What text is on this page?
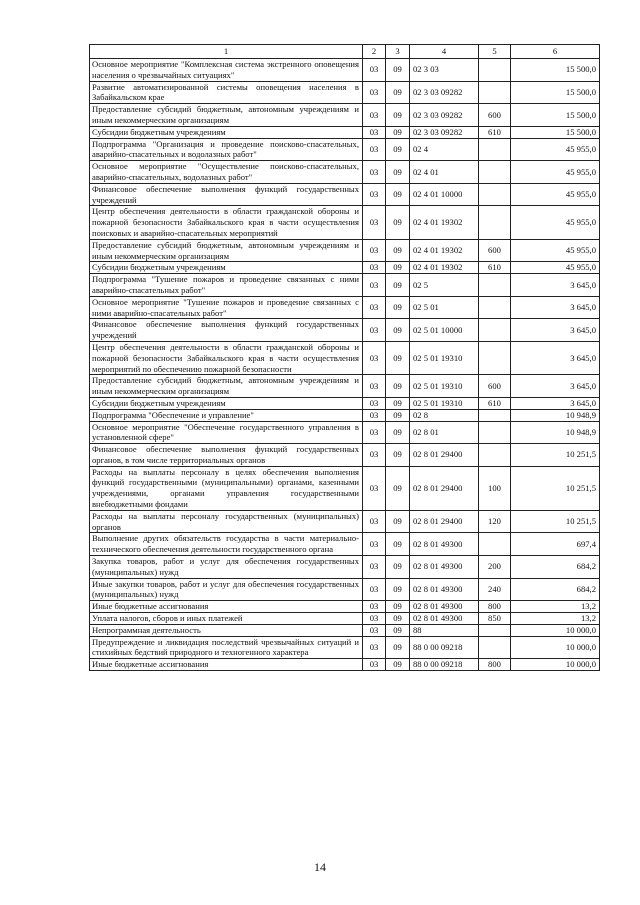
1	2	3	4	5	6
Основное мероприятие "Комплексная система экстренного оповещения населения о чрезвычайных ситуациях"	03	09	02 3 03		15 500,0
Развитие автоматизированной системы оповещения населения в Забайкальском крае	03	09	02 3 03 09282		15 500,0
Предоставление субсидий бюджетным, автономным учреждениям и иным некоммерческим организациям	03	09	02 3 03 09282	600	15 500,0
Субсидии бюджетным учреждениям	03	09	02 3 03 09282	610	15 500,0
Подпрограмма "Организация и проведение поисково-спасательных, аварийно-спасательных и водолазных работ"	03	09	02 4		45 955,0
Основное мероприятие "Осуществление поисково-спасательных, аварийно-спасательных, водолазных работ"	03	09	02 4 01		45 955,0
Финансовое обеспечение выполнения функций государственных учреждений	03	09	02 4 01 10000		45 955,0
Центр обеспечения деятельности в области гражданской обороны и пожарной безопасности Забайкальского края в части осуществления поисковых и аварийно-спасательных мероприятий	03	09	02 4 01 19302		45 955,0
Предоставление субсидий бюджетным, автономным учреждениям и иным некоммерческим организациям	03	09	02 4 01 19302	600	45 955,0
Субсидии бюджетным учреждениям	03	09	02 4 01 19302	610	45 955,0
Подпрограмма "Тушение пожаров и проведение связанных с ними аварийно-спасательных работ"	03	09	02 5		3 645,0
Основное мероприятие "Тушение пожаров и проведение связанных с ними аварийно-спасательных работ"	03	09	02 5 01		3 645,0
Финансовое обеспечение выполнения функций государственных учреждений	03	09	02 5 01 10000		3 645,0
Центр обеспечения деятельности в области гражданской обороны и пожарной безопасности Забайкальского края в части осуществления мероприятий по обеспечению пожарной безопасности	03	09	02 5 01 19310		3 645,0
Предоставление субсидий бюджетным, автономным учреждениям и иным некоммерческим организациям	03	09	02 5 01 19310	600	3 645,0
Субсидии бюджетным учреждениям	03	09	02 5 01 19310	610	3 645,0
Подпрограмма "Обеспечение и управление"	03	09	02 8		10 948,9
Основное мероприятие "Обеспечение государственного управления в установленной сфере"	03	09	02 8 01		10 948,9
Финансовое обеспечение выполнения функций государственных органов, в том числе территориальных органов	03	09	02 8 01 29400		10 251,5
Расходы на выплаты персоналу в целях обеспечения выполнения функций государственными (муниципальными) органами, казенными учреждениями, органами управления государственными внебюджетными фондами	03	09	02 8 01 29400	100	10 251,5
Расходы на выплаты персоналу государственных (муниципальных) органов	03	09	02 8 01 29400	120	10 251,5
Выполнение других обязательств государства в части материально-технического обеспечения деятельности государственного органа	03	09	02 8 01 49300		697,4
Закупка товаров, работ и услуг для обеспечения государственных (муниципальных) нужд	03	09	02 8 01 49300	200	684,2
Иные закупки товаров, работ и услуг для обеспечения государственных (муниципальных) нужд	03	09	02 8 01 49300	240	684,2
Иные бюджетные ассигнования	03	09	02 8 01 49300	800	13,2
Уплата налогов, сборов и иных платежей	03	09	02 8 01 49300	850	13,2
Непрограммная деятельность	03	09	88		10 000,0
Предупреждение и ликвидация последствий чрезвычайных ситуаций и стихийных бедствий природного и техногенного характера	03	09	88 0 00 09218		10 000,0
Иные бюджетные ассигнования	03	09	88 0 00 09218	800	10 000,0
14
